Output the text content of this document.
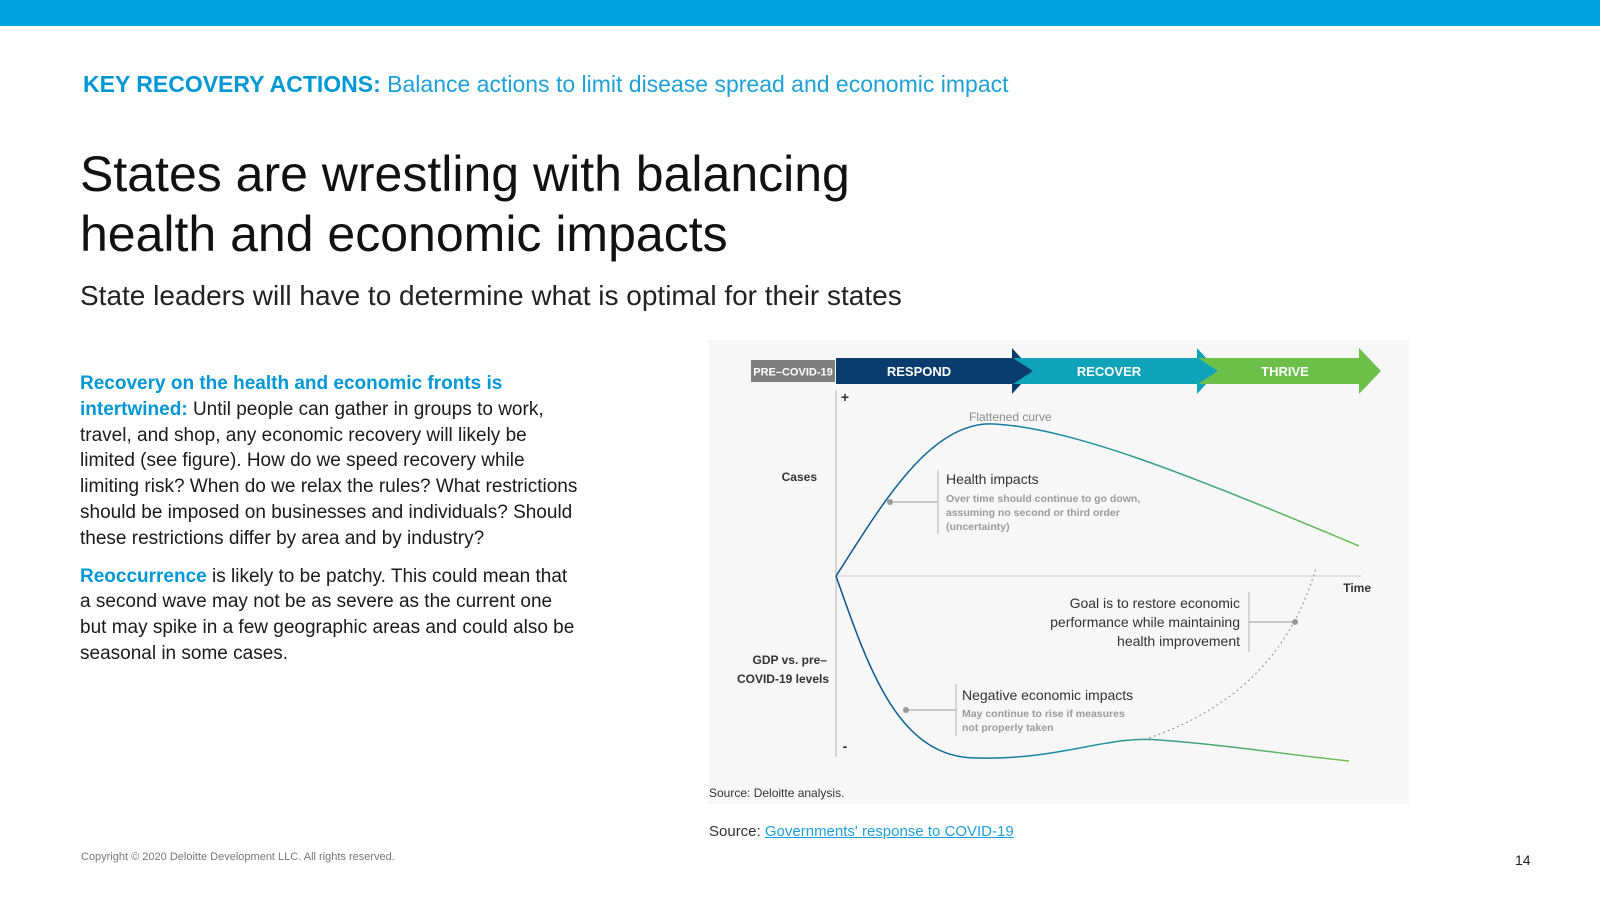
KEY RECOVERY ACTIONS: Balance actions to limit disease spread and economic impact
States are wrestling with balancing
health and economic impacts

State leaders will have to determine what is optimal for their states

Recovery on the health and economic fronts is intertwined: Until people can gather in groups to work, travel, and shop, any economic recovery will likely be limited (see figure). How do we speed recovery while limiting risk? When do we relax the rules? What restrictions should be imposed on businesses and individuals? Should these restrictions differ by area and by industry?

Reoccurrence is likely to be patchy. This could mean that a second wave may not be as severe as the current one but may spike in a few geographic areas and could also be seasonal in some cases.

PRE–COVID-19	RESPOND	RECOVER	THRIVE
+
-
Cases
GDP vs. pre–
COVID-19 levels
Time
Flattened curve
Health impacts
Over time should continue to go down,
assuming no second or third order
(uncertainty)
Goal is to restore economic
performance while maintaining
health improvement
Negative economic impacts
May continue to rise if measures
not properly taken
Source: Deloitte analysis.
Source: Governments' response to COVID-19
Copyright © 2020 Deloitte Development LLC. All rights reserved.	14
